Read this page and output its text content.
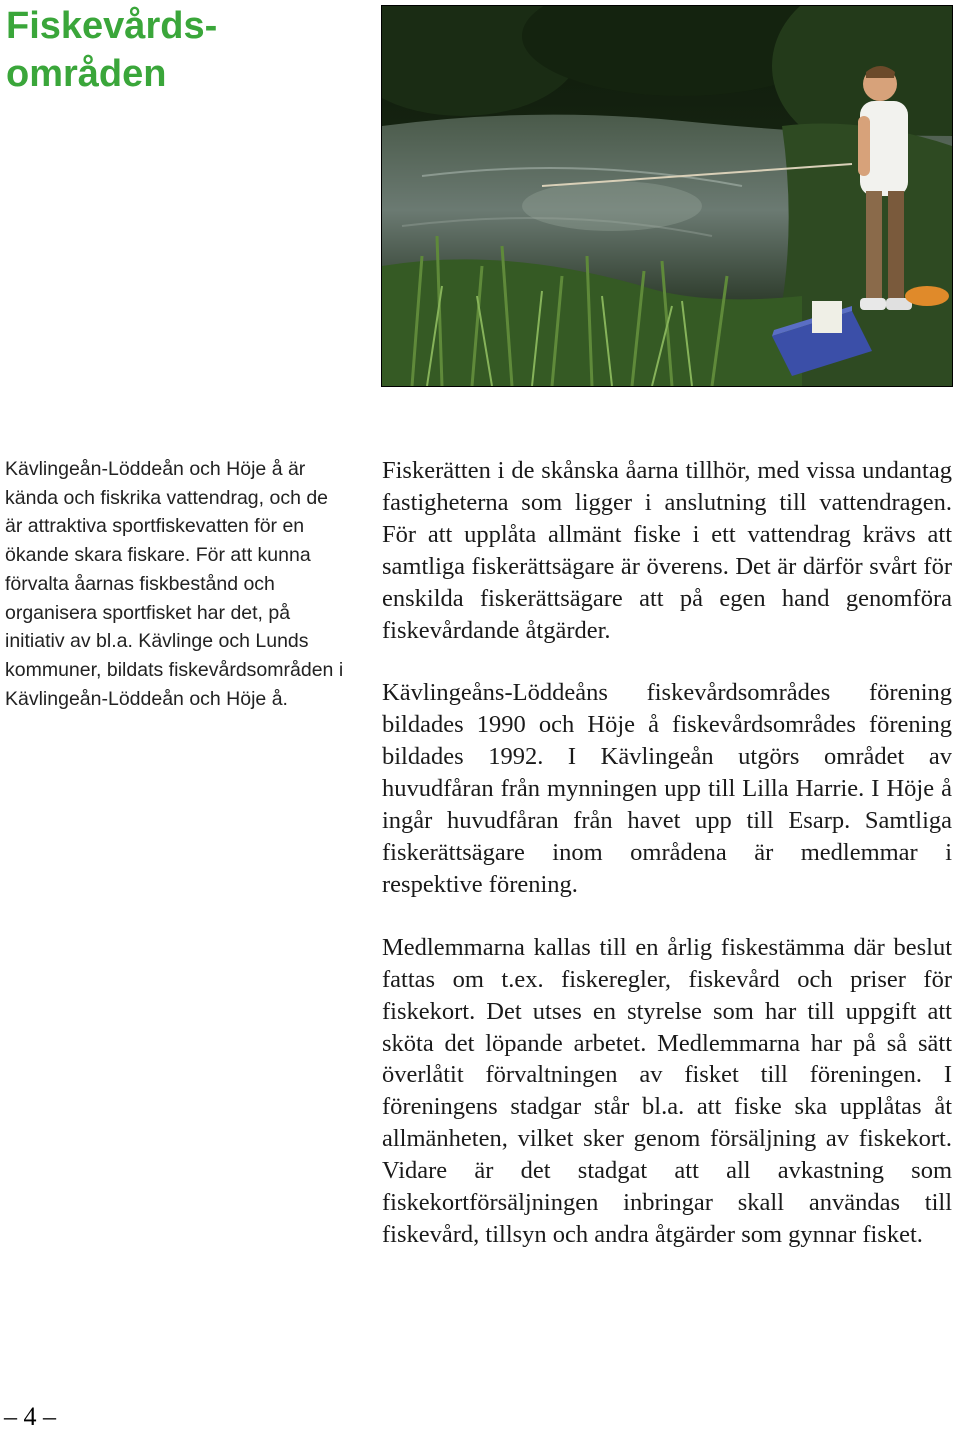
Fiskevårds-
områden

Kävlingeån-Löddeån och Höje å är kända och fiskrika vattendrag, och de är attraktiva sportfiskevatten för en ökande skara fiskare. För att kunna förvalta åarnas fiskbestånd och organisera sportfisket har det, på initiativ av bl.a. Kävlinge och Lunds kommuner, bildats fiskevårdsområden i Kävlingeån-Löddeån och Höje å.

Fiskerätten i de skånska åarna tillhör, med vissa undantag fastigheterna som ligger i anslutning till vattendragen. För att upplåta allmänt fiske i ett vattendrag krävs att samtliga fiskerättsägare är överens. Det är därför svårt för enskilda fiskerättsägare att på egen hand genomföra fiskevårdande åtgärder.

Kävlingeåns-Löddeåns fiskevårdsområdes förening bildades 1990 och Höje å fiskevårdsområdes förening bildades 1992. I Kävlingeån utgörs området av huvudfåran från mynningen upp till Lilla Harrie. I Höje å ingår huvudfåran från havet upp till Esarp. Samtliga fiskerättsägare inom områdena är medlemmar i respektive förening.

Medlemmarna kallas till en årlig fiskestämma där beslut fattas om t.ex. fiskeregler, fiskevård och priser för fiskekort. Det utses en styrelse som har till uppgift att sköta det löpande arbetet. Medlemmarna har på så sätt överlåtit förvaltningen av fisket till föreningen. I föreningens stadgar står bl.a. att fiske ska upplåtas åt allmänheten, vilket sker genom försäljning av fiskekort. Vidare är det stadgat att all avkastning som fiskekortförsäljningen inbringar skall användas till fiskevård, tillsyn och andra åtgärder som gynnar fisket.

– 4 –
